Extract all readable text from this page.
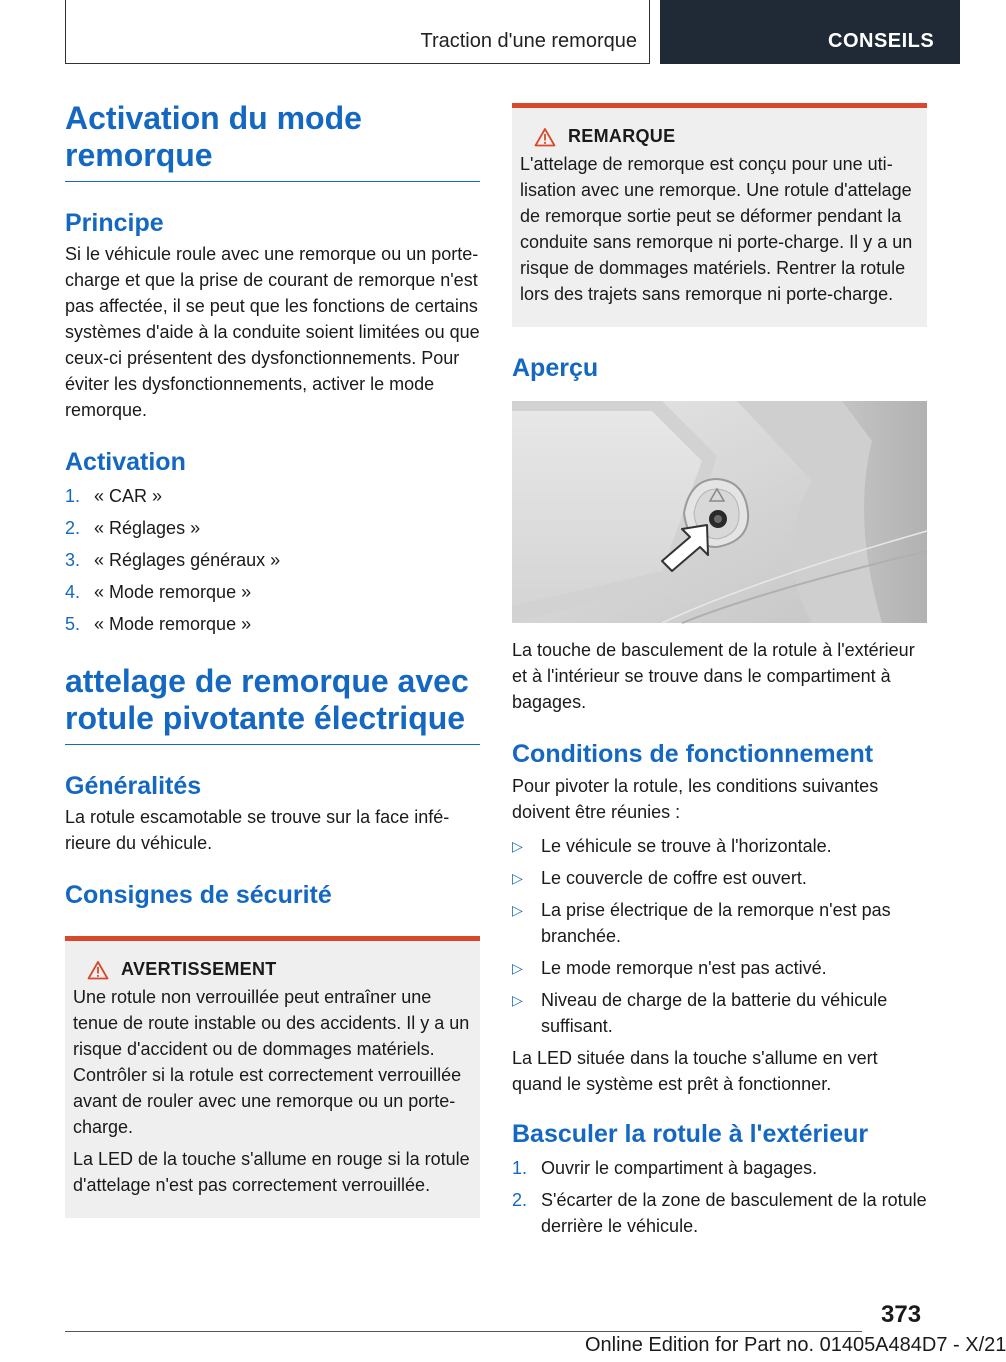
Traction d'une remorque	CONSEILS
Activation du mode remorque
Principe

Si le véhicule roule avec une remorque ou un porte-charge et que la prise de courant de remorque n'est pas affectée, il se peut que les fonctions de certains systèmes d'aide à la conduite soient limitées ou que ceux-ci présentent des dysfonctionnements. Pour éviter les dysfonctionnements, activer le mode remorque.

Activation
1. « CAR »
2. « Réglages »
3. « Réglages généraux »
4. « Mode remorque »
5. « Mode remorque »
attelage de remorque avec rotule pivotante électrique
Généralités

La rotule escamotable se trouve sur la face inférieure du véhicule.

Consignes de sécurité
AVERTISSEMENT

Une rotule non verrouillée peut entraîner une tenue de route instable ou des accidents. Il y a un risque d'accident ou de dommages matériels. Contrôler si la rotule est correctement verrouillée avant de rouler avec une remorque ou un porte-charge.

La LED de la touche s'allume en rouge si la rotule d'attelage n'est pas correctement verrouillée.

REMARQUE

L'attelage de remorque est conçu pour une utilisation avec une remorque. Une rotule d'attelage de remorque sortie peut se déformer pendant la conduite sans remorque ni porte-charge. Il y a un risque de dommages matériels. Rentrer la rotule lors des trajets sans remorque ni porte-charge.

Aperçu

La touche de basculement de la rotule à l'extérieur et à l'intérieur se trouve dans le compartiment à bagages.

Conditions de fonctionnement

Pour pivoter la rotule, les conditions suivantes doivent être réunies :

▷ Le véhicule se trouve à l'horizontale.
▷ Le couvercle de coffre est ouvert.
▷ La prise électrique de la remorque n'est pas branchée.
▷ Le mode remorque n'est pas activé.
▷ Niveau de charge de la batterie du véhicule suffisant.

La LED située dans la touche s'allume en vert quand le système est prêt à fonctionner.

Basculer la rotule à l'extérieur
1. Ouvrir le compartiment à bagages.
2. S'écarter de la zone de basculement de la rotule derrière le véhicule.
373
Online Edition for Part no. 01405A484D7 - X/21
